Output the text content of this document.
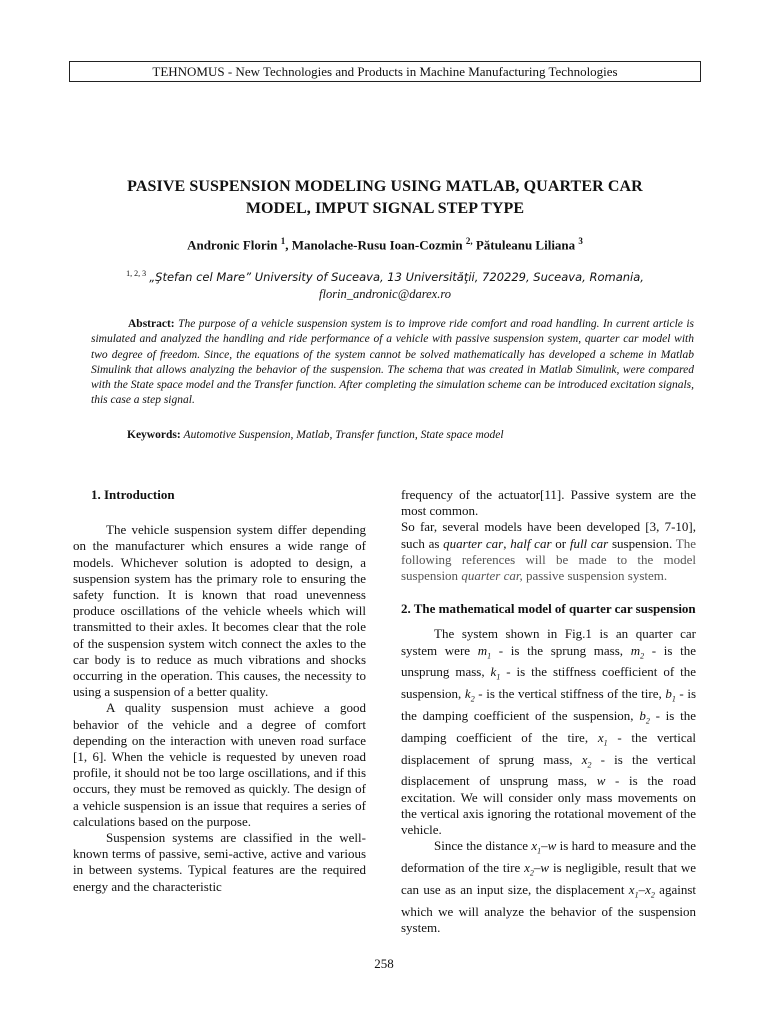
TEHNOMUS - New Technologies and Products in Machine Manufacturing Technologies
PASIVE SUSPENSION MODELING USING MATLAB, QUARTER CAR
MODEL, IMPUT SIGNAL STEP TYPE
Andronic Florin $^1$, Manolache-Rusu Ioan-Cozmin $^{2,}$ Pătuleanu Liliana $^3$
$^{1, 2, 3}$ „Ştefan cel Mare” University of Suceava, 13 Universităţii, 720229, Suceava, Romania,
florin_andronic@darex.ro
Abstract: The purpose of a vehicle suspension system is to improve ride comfort and road handling. In current article is simulated and analyzed the handling and ride performance of a vehicle with passive suspension system, quarter car model with two degree of freedom. Since, the equations of the system cannot be solved mathematically has developed a scheme in Matlab Simulink that allows analyzing the behavior of the suspension. The schema that was created in Matlab Simulink, were compared with the State space model and the Transfer function. After completing the simulation scheme can be introduced excitation signals, this case a step signal.
Keywords: Automotive Suspension, Matlab, Transfer function, State space model

1. Introduction

The vehicle suspension system differ depending on the manufacturer which ensures a wide range of models. Whichever solution is adopted to design, a suspension system has the primary role to ensuring the safety function. It is known that road unevenness produce oscillations of the vehicle wheels which will transmitted to their axles. It becomes clear that the role of the suspension system witch connect the axles to the car body is to reduce as much vibrations and shocks occurring in the operation. This causes, the necessity to using a suspension of a better quality.

A quality suspension must achieve a good behavior of the vehicle and a degree of comfort depending on the interaction with uneven road surface [1, 6]. When the vehicle is requested by uneven road profile, it should not be too large oscillations, and if this occurs, they must be removed as quickly. The design of a vehicle suspension is an issue that requires a series of calculations based on the purpose.

Suspension systems are classified in the well-known terms of passive, semi-active, active and various in between systems. Typical features are the required energy and the characteristic

frequency of the actuator[11]. Passive system are the most common.

So far, several models have been developed [3, 7-10], such as quarter car, half car or full car suspension. The following references will be made to the model suspension quarter car, passive suspension system.

2. The mathematical model of quarter car suspension

The system shown in Fig.1 is an quarter car system were $m_1$ - is the sprung mass, $m_2$ - is the unsprung mass, $k_1$ - is the stiffness coefficient of the suspension, $k_2$ - is the vertical stiffness of the tire, $b_1$ - is the damping coefficient of the suspension, $b_2$ - is the damping coefficient of the tire, $x_1$ - the vertical displacement of sprung mass, $x_2$ - is the vertical displacement of unsprung mass, w - is the road excitation. We will consider only mass movements on the vertical axis ignoring the rotational movement of the vehicle.

Since the distance $x_1-w$ is hard to measure and the deformation of the tire $x_2-w$ is negligible, result that we can use as an input size, the displacement $x_1-x_2$ against which we will analyze the behavior of the suspension system.

258
